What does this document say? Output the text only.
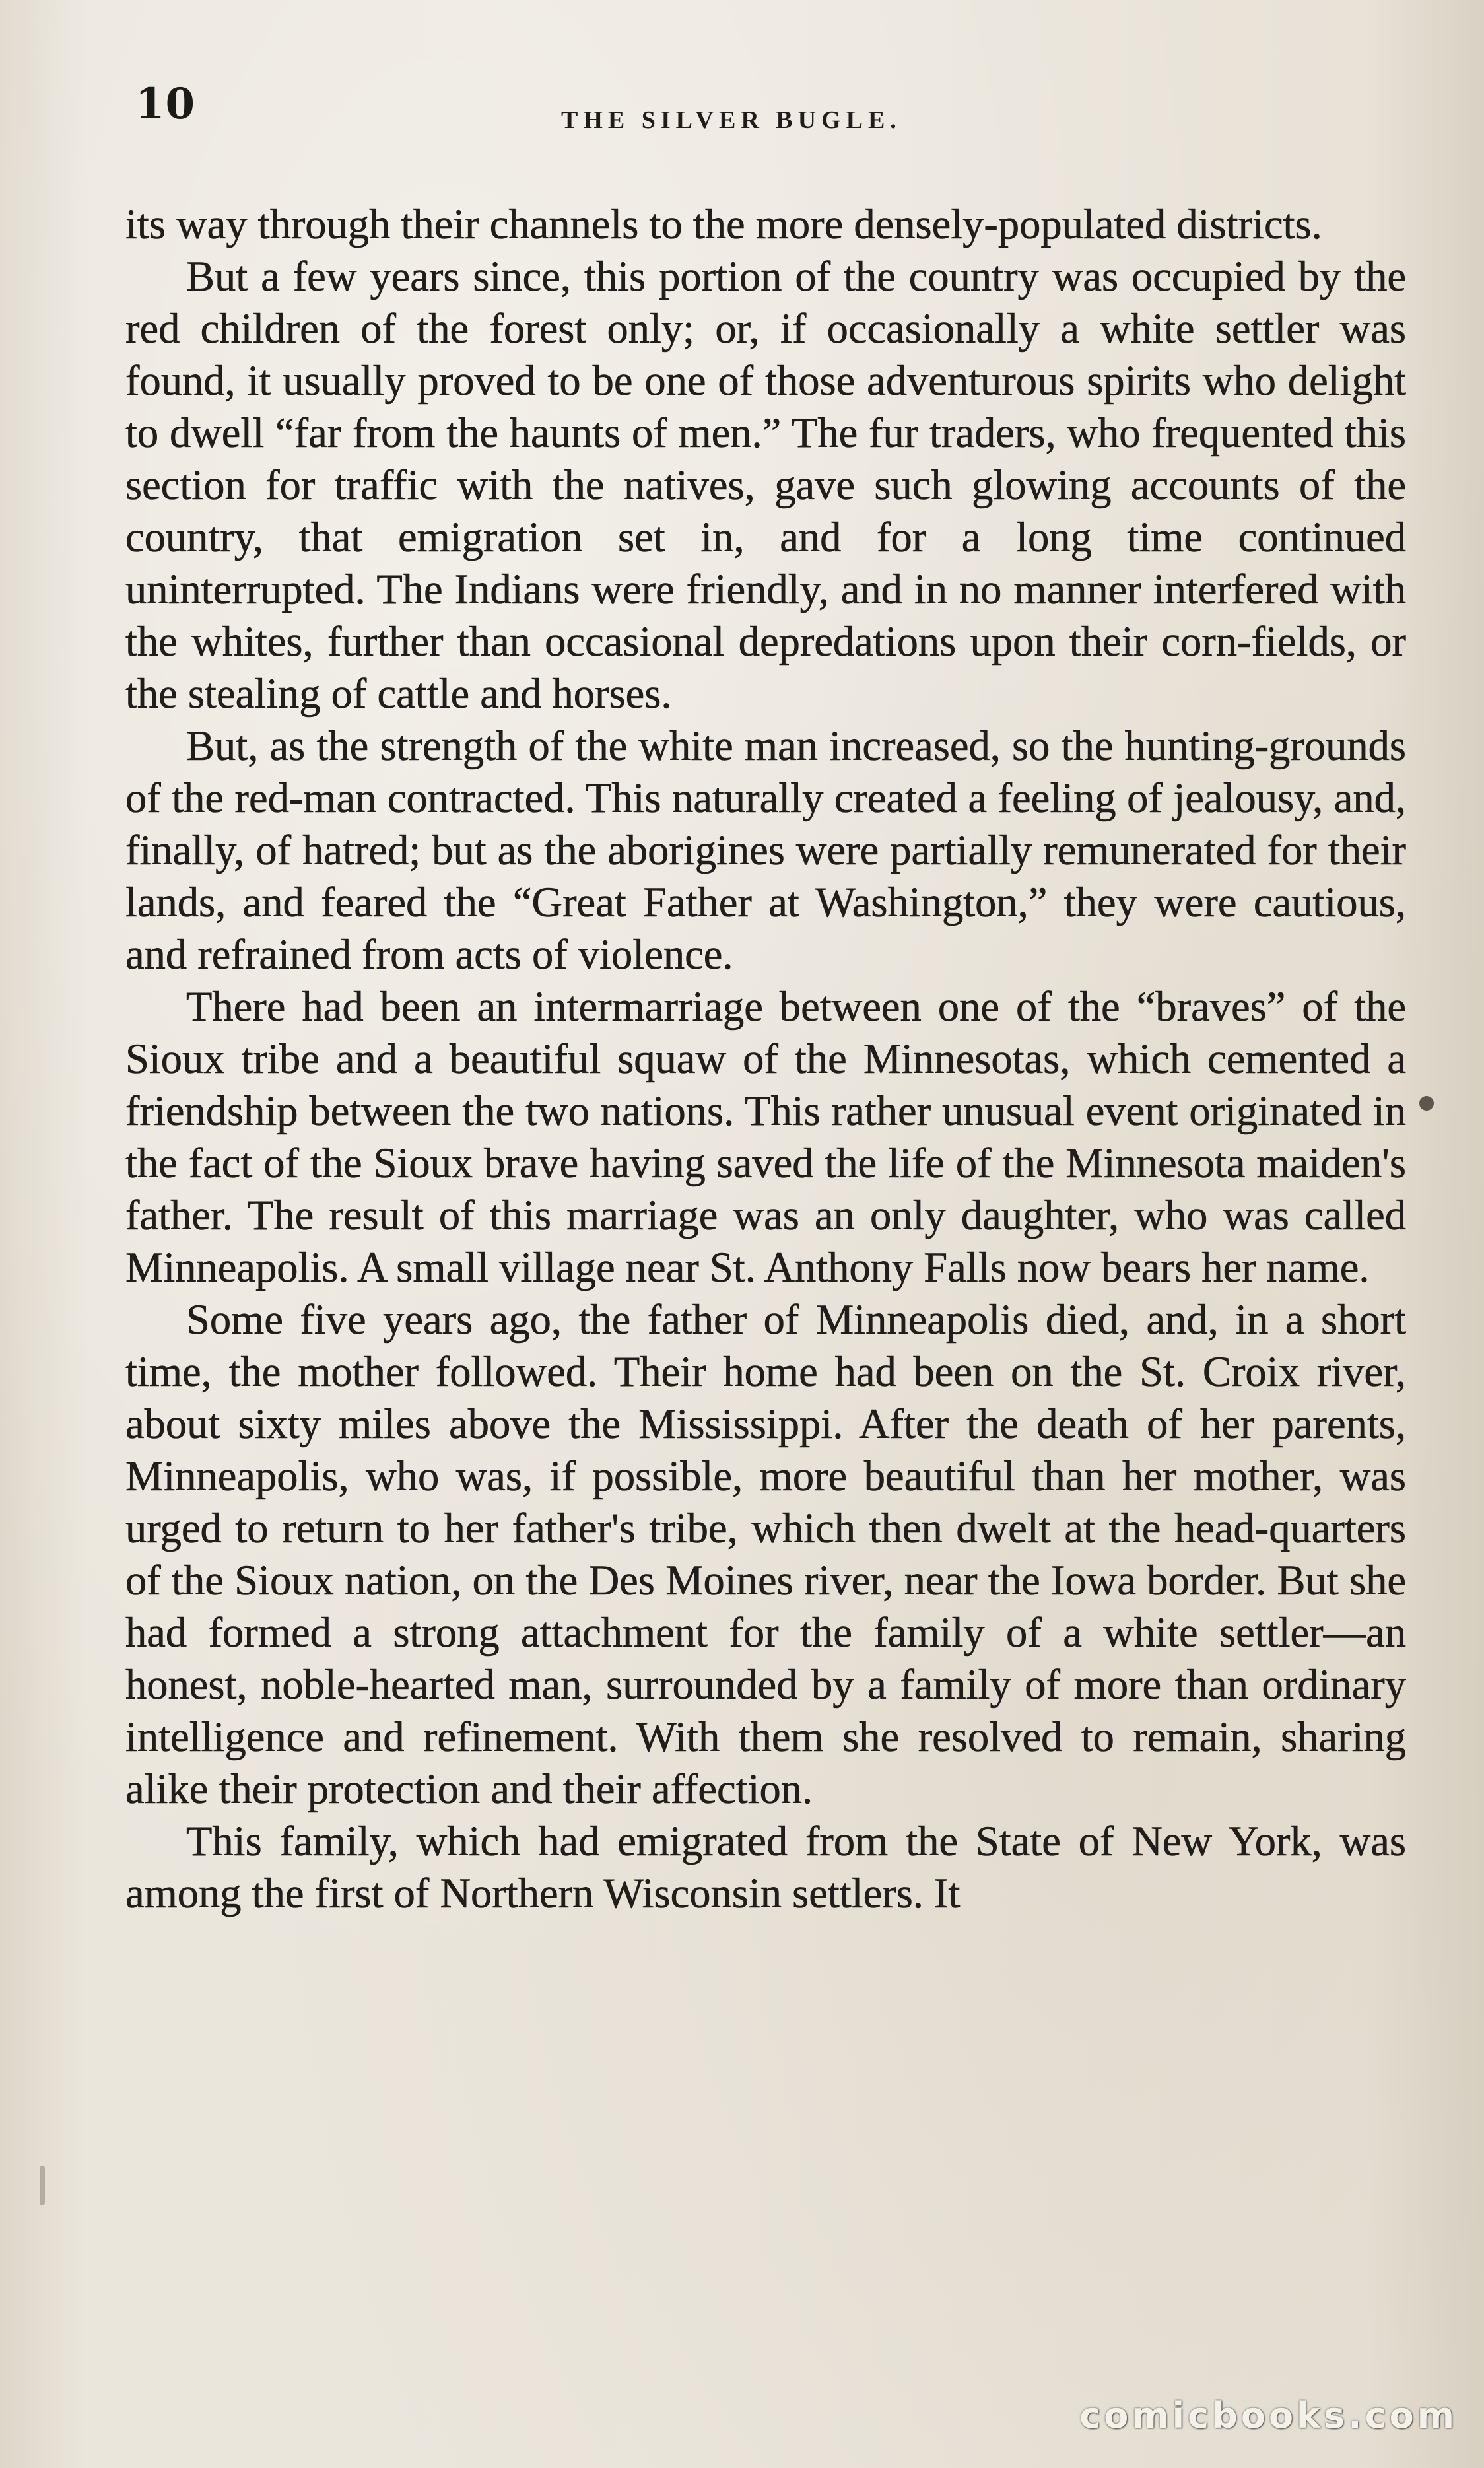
10	THE SILVER BUGLE.

its way through their channels to the more densely-populated districts.

But a few years since, this portion of the country was occupied by the red children of the forest only; or, if occasionally a white settler was found, it usually proved to be one of those adventurous spirits who delight to dwell “far from the haunts of men.” The fur traders, who frequented this section for traffic with the natives, gave such glowing accounts of the country, that emigration set in, and for a long time continued uninterrupted. The Indians were friendly, and in no manner interfered with the whites, further than occasional depredations upon their corn-fields, or the stealing of cattle and horses.

But, as the strength of the white man increased, so the hunting-grounds of the red-man contracted. This naturally created a feeling of jealousy, and, finally, of hatred; but as the aborigines were partially remunerated for their lands, and feared the “Great Father at Washington,” they were cautious, and refrained from acts of violence.

There had been an intermarriage between one of the “braves” of the Sioux tribe and a beautiful squaw of the Minnesotas, which cemented a friendship between the two nations. This rather unusual event originated in the fact of the Sioux brave having saved the life of the Minnesota maiden's father. The result of this marriage was an only daughter, who was called Minneapolis. A small village near St. Anthony Falls now bears her name.

Some five years ago, the father of Minneapolis died, and, in a short time, the mother followed. Their home had been on the St. Croix river, about sixty miles above the Mississippi. After the death of her parents, Minneapolis, who was, if possible, more beautiful than her mother, was urged to return to her father's tribe, which then dwelt at the head-quarters of the Sioux nation, on the Des Moines river, near the Iowa border. But she had formed a strong attachment for the family of a white settler—an honest, noble-hearted man, surrounded by a family of more than ordinary intelligence and refinement. With them she resolved to remain, sharing alike their protection and their affection.

This family, which had emigrated from the State of New York, was among the first of Northern Wisconsin settlers. It

comicbooks.com
